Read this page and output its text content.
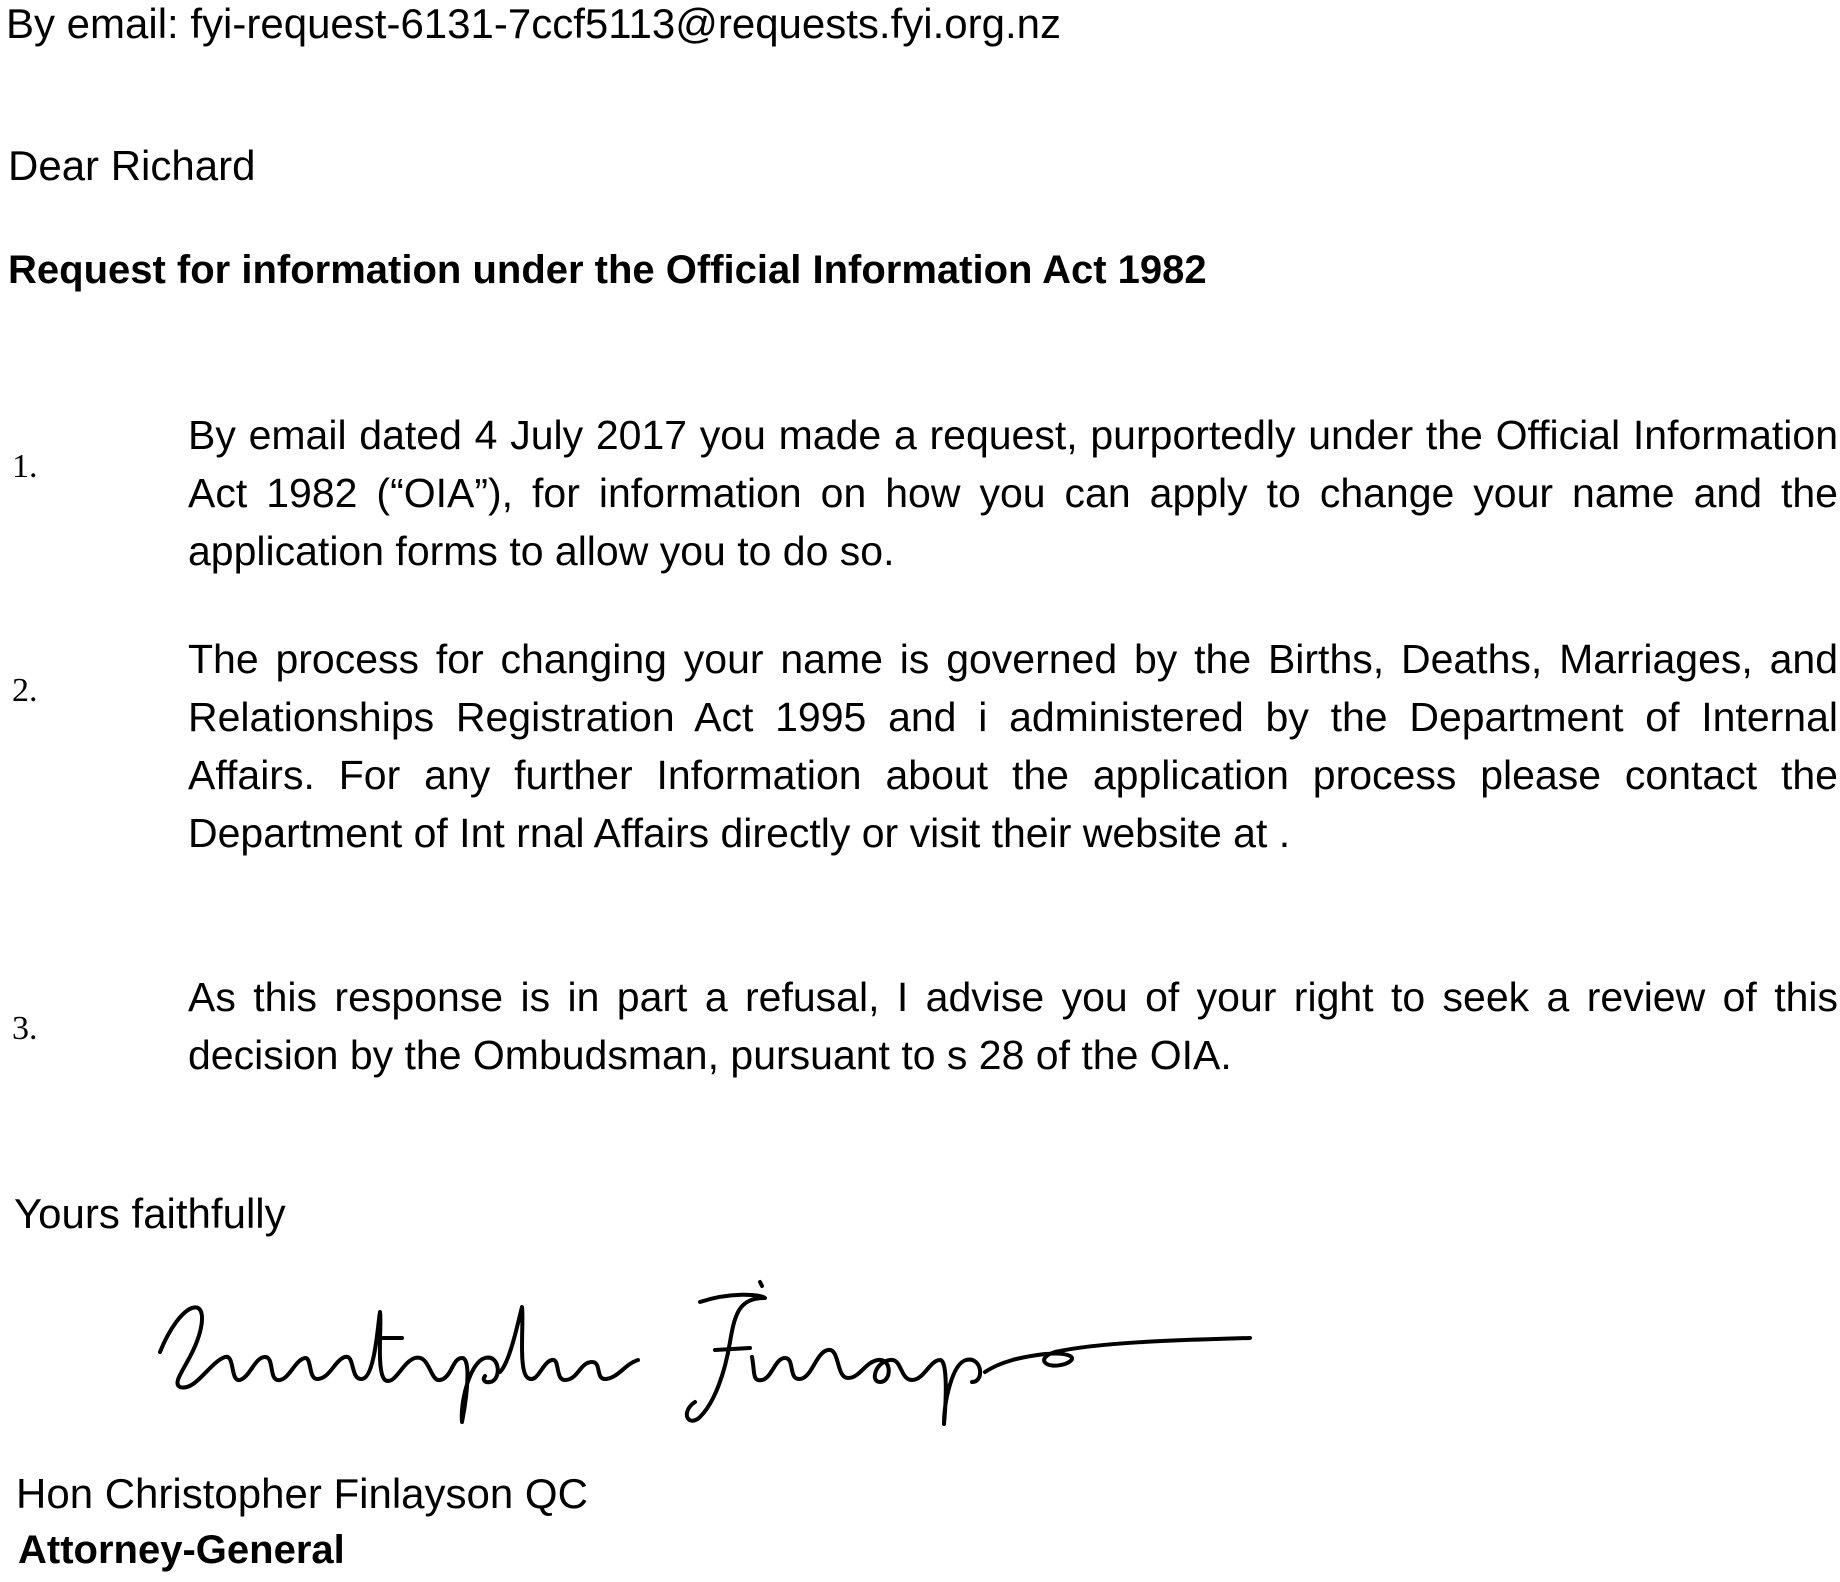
By email: fyi-request-6131-7ccf5113@requests.fyi.org.nz

Dear Richard

Request for information under the Official Information Act 1982

1.

By email dated 4 July 2017 you made a request, purportedly under the Official Information Act 1982 (“OIA”), for information on how you can apply to change your name and the application forms to allow you to do so.

2.

The process for changing your name is governed by the Births, Deaths, Marriages, and Relationships Registration Act 1995 and i administered by the Department of Internal Affairs. For any further Information about the application process please contact the Department of Int rnal Affairs directly or visit their website at .

3.

As this response is in part a refusal, I advise you of your right to seek a review of this decision by the Ombudsman, pursuant to s 28 of the OIA.

Yours faithfully

Hon Christopher Finlayson QC

Attorney-General
